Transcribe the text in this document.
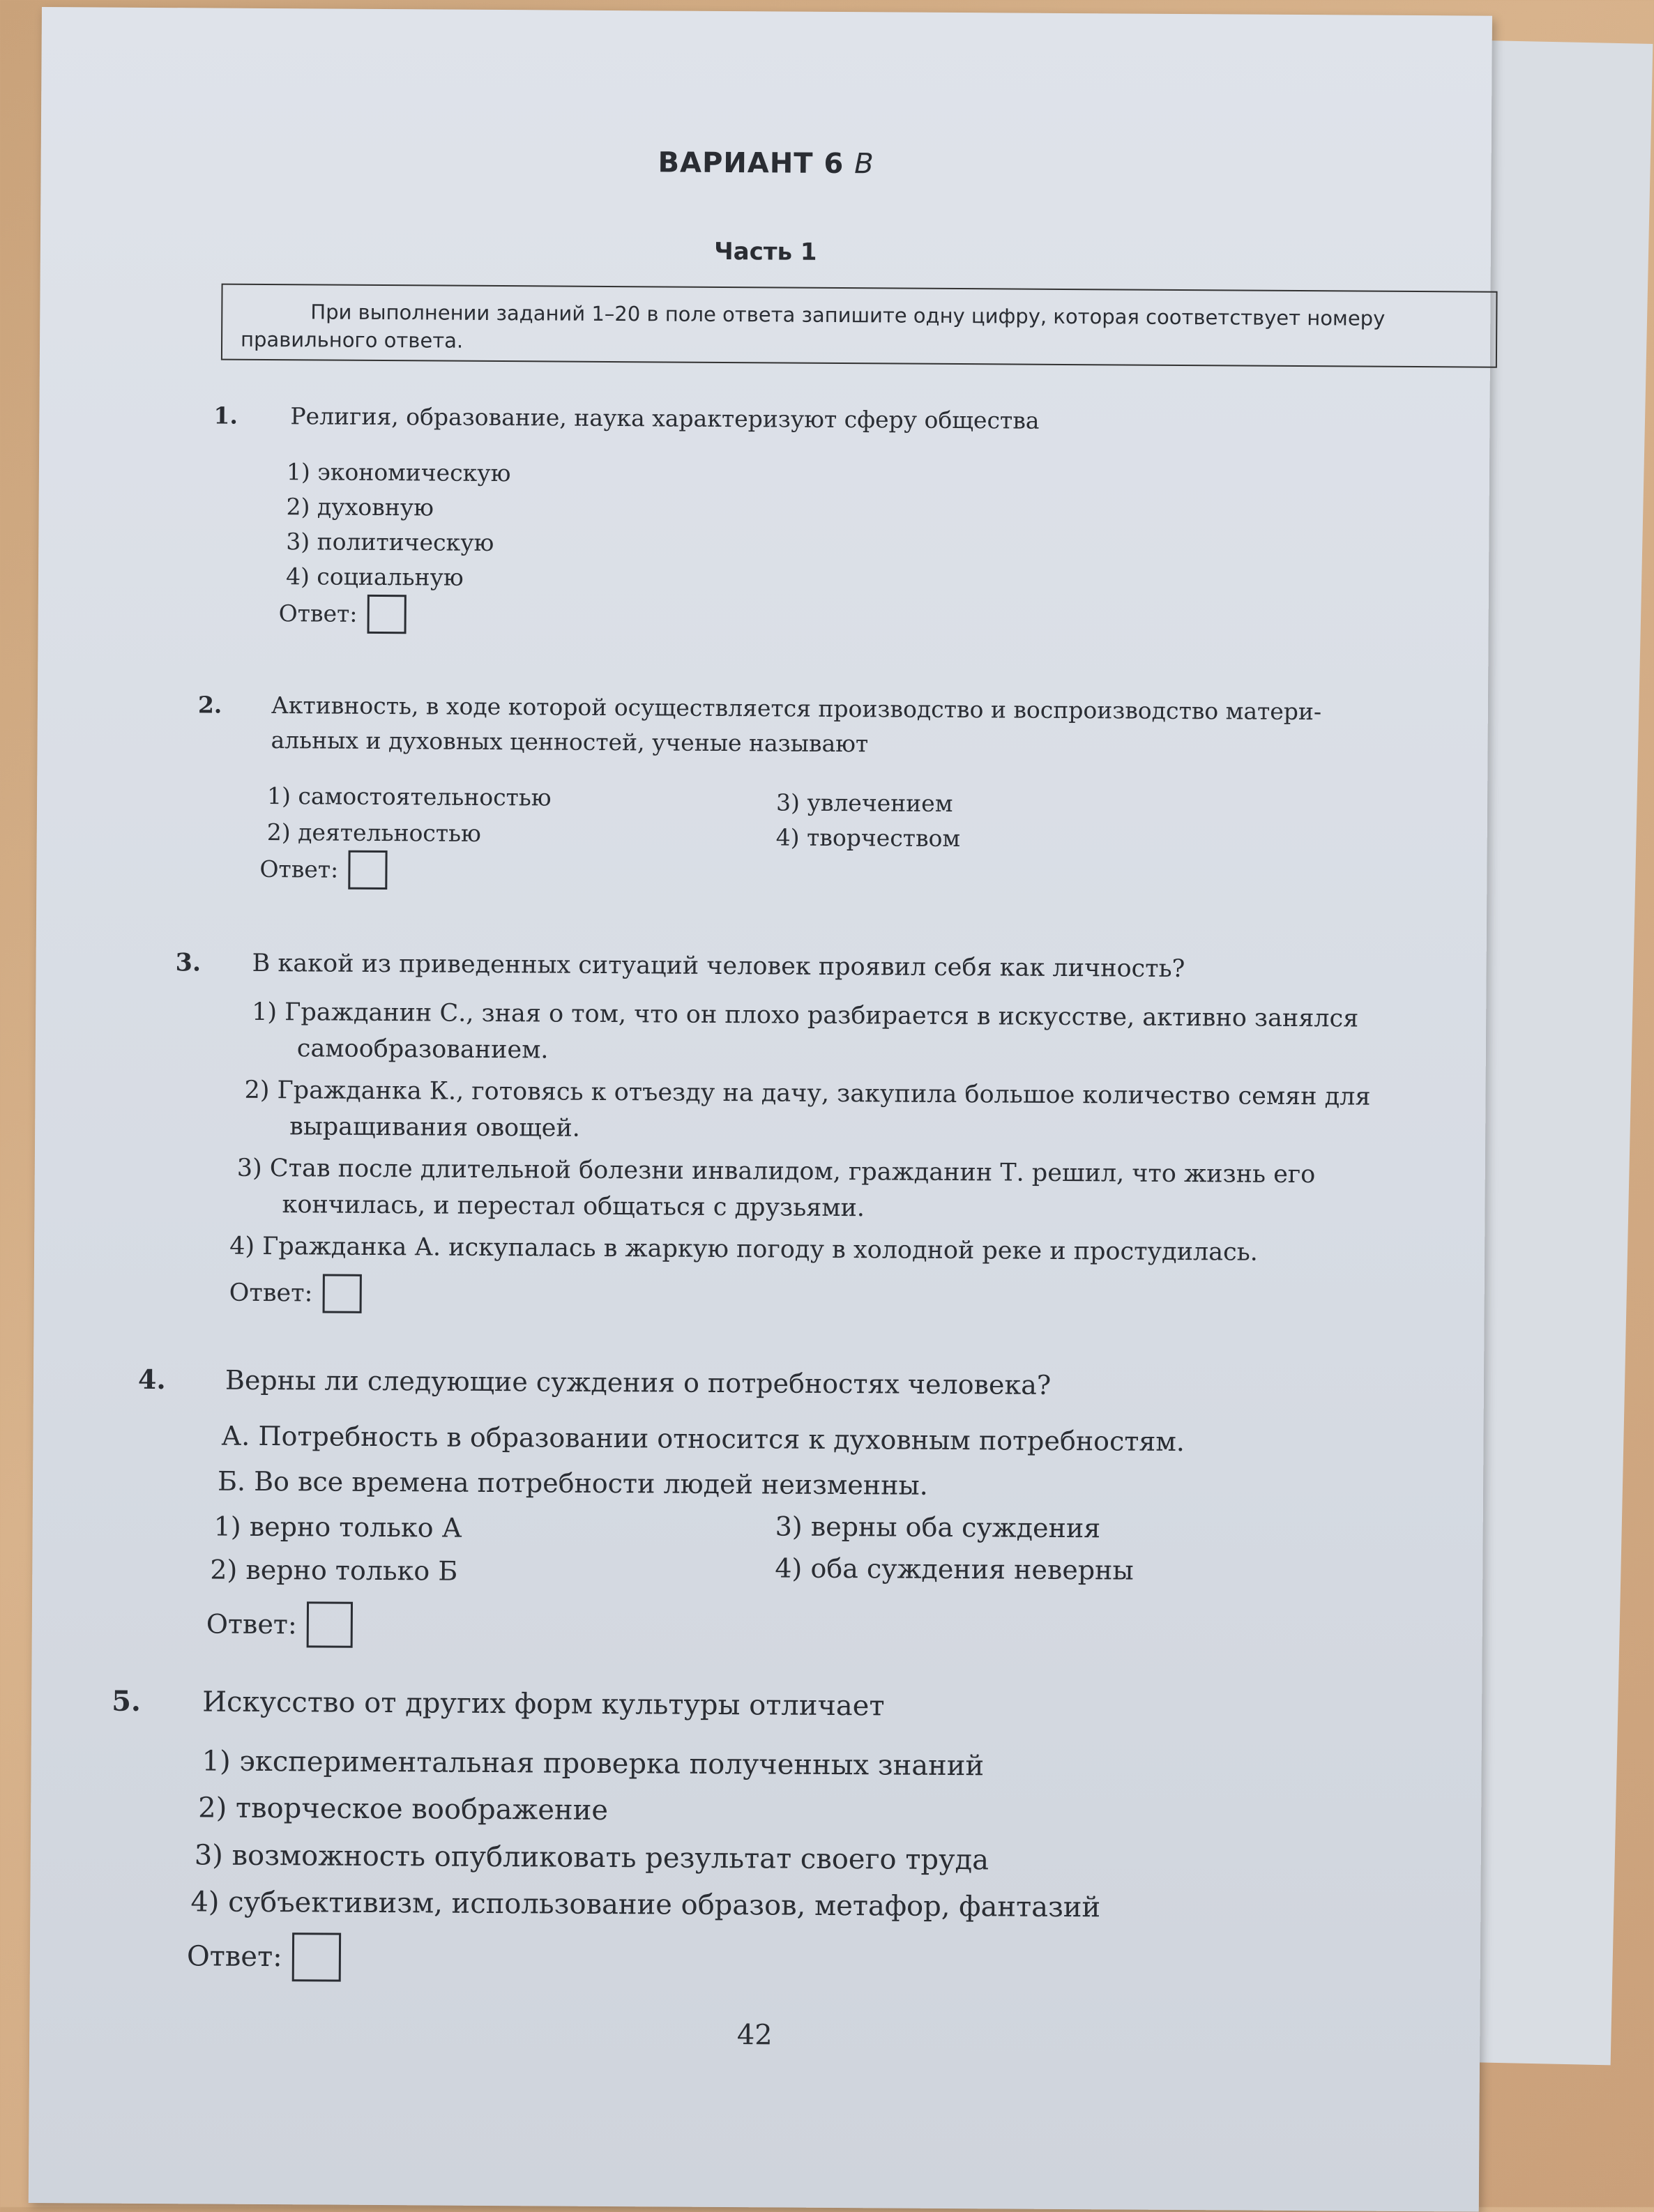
ВАРИАНТ 6 В
Часть 1
При выполнении заданий 1–20 в поле ответа запишите одну цифру, которая соответствует номеру правильного ответа.
1. Религия, образование, наука характеризуют сферу общества
1) экономическую
2) духовную
3) политическую
4) социальную
Ответ:
2. Активность, в ходе которой осуществляется производство и воспроизводство матери-
альных и духовных ценностей, ученые называют
1) самостоятельностью
2) деятельностью
3) увлечением
4) творчеством
Ответ:
3. В какой из приведенных ситуаций человек проявил себя как личность?
1) Гражданин С., зная о том, что он плохо разбирается в искусстве, активно занялся
самообразованием.
2) Гражданка К., готовясь к отъезду на дачу, закупила большое количество семян для
выращивания овощей.
3) Став после длительной болезни инвалидом, гражданин Т. решил, что жизнь его
кончилась, и перестал общаться с друзьями.
4) Гражданка А. искупалась в жаркую погоду в холодной реке и простудилась.
Ответ:
4. Верны ли следующие суждения о потребностях человека?
А. Потребность в образовании относится к духовным потребностям.
Б. Во все времена потребности людей неизменны.
1) верно только А
2) верно только Б
3) верны оба суждения
4) оба суждения неверны
Ответ:
5. Искусство от других форм культуры отличает
1) экспериментальная проверка полученных знаний
2) творческое воображение
3) возможность опубликовать результат своего труда
4) субъективизм, использование образов, метафор, фантазий
Ответ:
42
